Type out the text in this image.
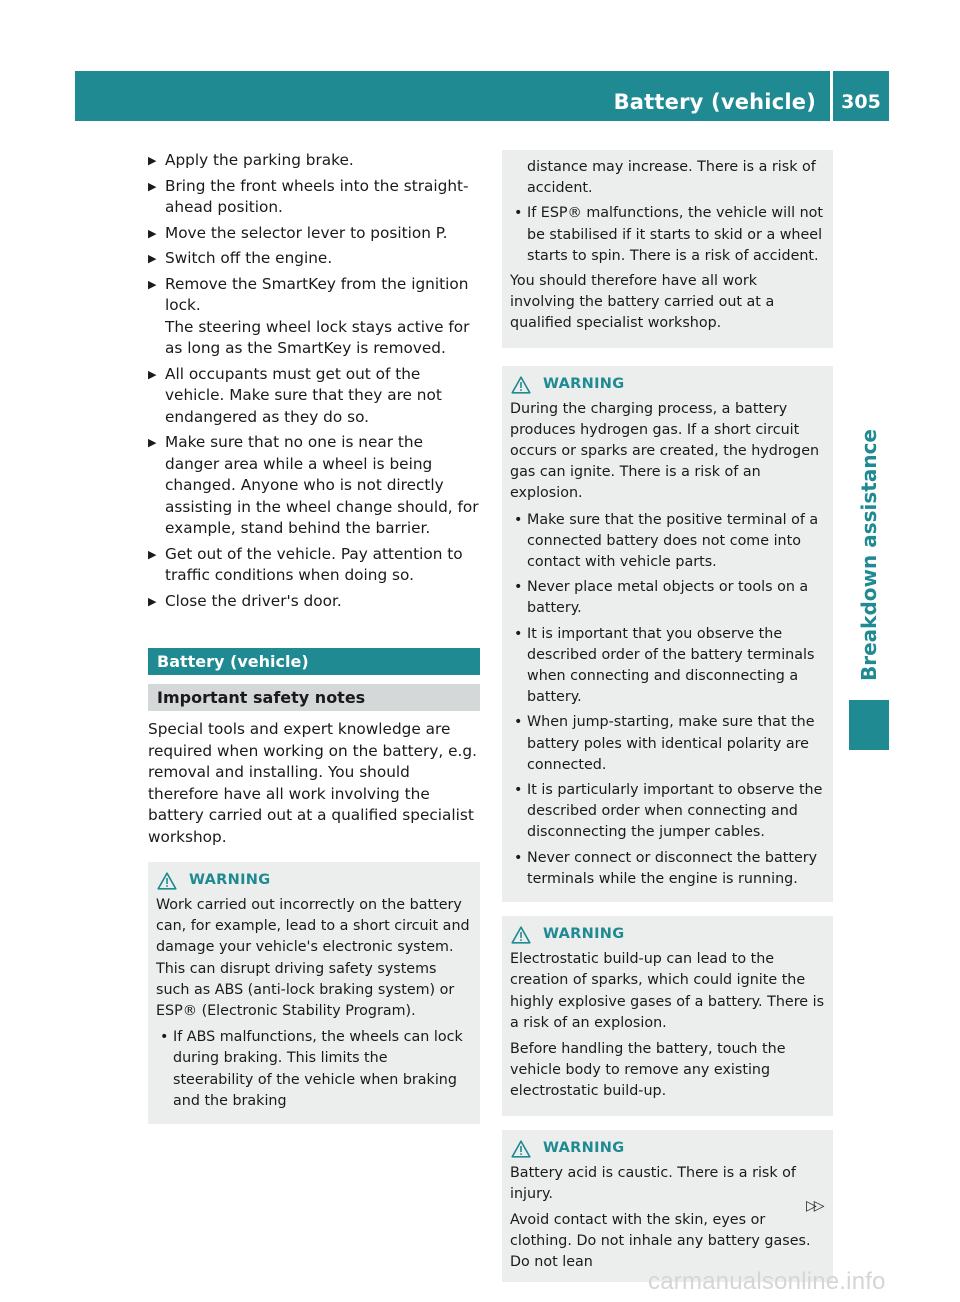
Battery (vehicle)	305
Breakdown assistance
▶ Apply the parking brake.

▶ Bring the front wheels into the straight-ahead position.

▶ Move the selector lever to position P.

▶ Switch off the engine.

▶ Remove the SmartKey from the ignition lock.

The steering wheel lock stays active for as long as the SmartKey is removed.

▶ All occupants must get out of the vehicle. Make sure that they are not endangered as they do so.

▶ Make sure that no one is near the danger area while a wheel is being changed. Anyone who is not directly assisting in the wheel change should, for example, stand behind the barrier.

▶ Get out of the vehicle. Pay attention to traffic conditions when doing so.

▶ Close the driver's door.

Battery (vehicle)
Important safety notes

Special tools and expert knowledge are required when working on the battery, e.g. removal and installing. You should therefore have all work involving the battery carried out at a qualified specialist workshop.

WARNING

Work carried out incorrectly on the battery can, for example, lead to a short circuit and damage your vehicle's electronic system. This can disrupt driving safety systems such as ABS (anti-lock braking system) or ESP® (Electronic Stability Program).

• If ABS malfunctions, the wheels can lock during braking. This limits the steerability of the vehicle when braking and the braking
distance may increase. There is a risk of accident.
• If ESP® malfunctions, the vehicle will not be stabilised if it starts to skid or a wheel starts to spin. There is a risk of accident.

You should therefore have all work involving the battery carried out at a qualified specialist workshop.

WARNING

During the charging process, a battery produces hydrogen gas. If a short circuit occurs or sparks are created, the hydrogen gas can ignite. There is a risk of an explosion.

• Make sure that the positive terminal of a connected battery does not come into contact with vehicle parts.
• Never place metal objects or tools on a battery.
• It is important that you observe the described order of the battery terminals when connecting and disconnecting a battery.
• When jump-starting, make sure that the battery poles with identical polarity are connected.
• It is particularly important to observe the described order when connecting and disconnecting the jumper cables.
• Never connect or disconnect the battery terminals while the engine is running.
WARNING

Electrostatic build-up can lead to the creation of sparks, which could ignite the highly explosive gases of a battery. There is a risk of an explosion.

Before handling the battery, touch the vehicle body to remove any existing electrostatic build-up.

WARNING

Battery acid is caustic. There is a risk of injury.

Avoid contact with the skin, eyes or clothing. Do not inhale any battery gases. Do not lean

▷▷
carmanualsonline.info
